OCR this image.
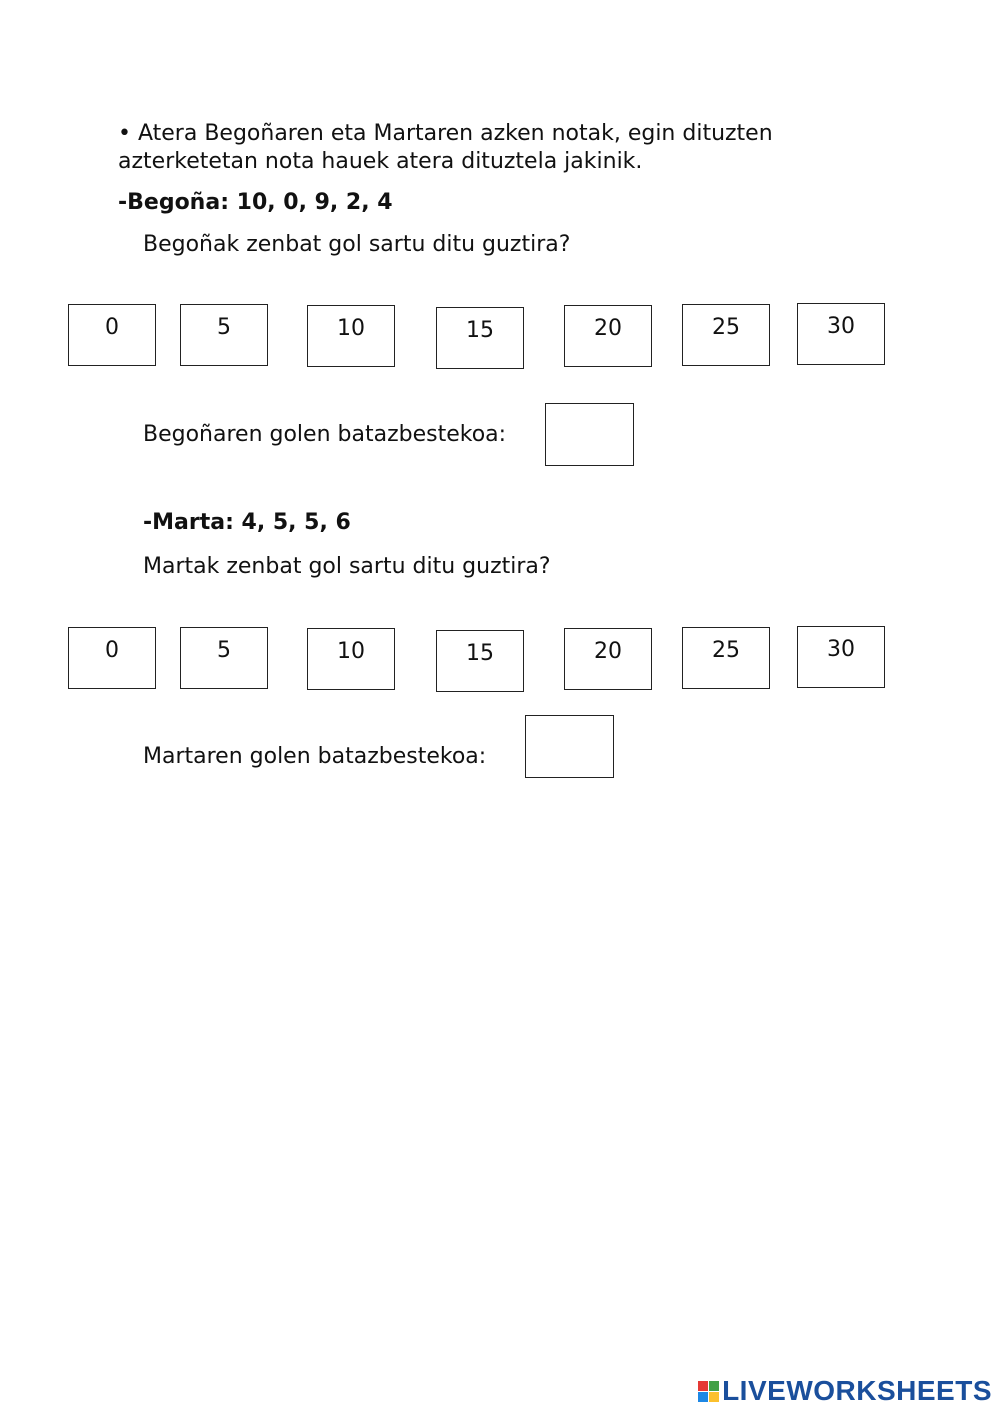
• Atera Begoñaren eta Martaren azken notak, egin dituzten
azterketetan nota hauek atera dituztela jakinik.
-Begoña: 10, 0, 9, 2, 4
Begoñak zenbat gol sartu ditu guztira?
0	5	10	15	20	25	30
Begoñaren golen batazbestekoa:
-Marta: 4, 5, 5, 6
Martak zenbat gol sartu ditu guztira?
0	5	10	15	20	25	30
Martaren golen batazbestekoa:
LIVEWORKSHEETS
